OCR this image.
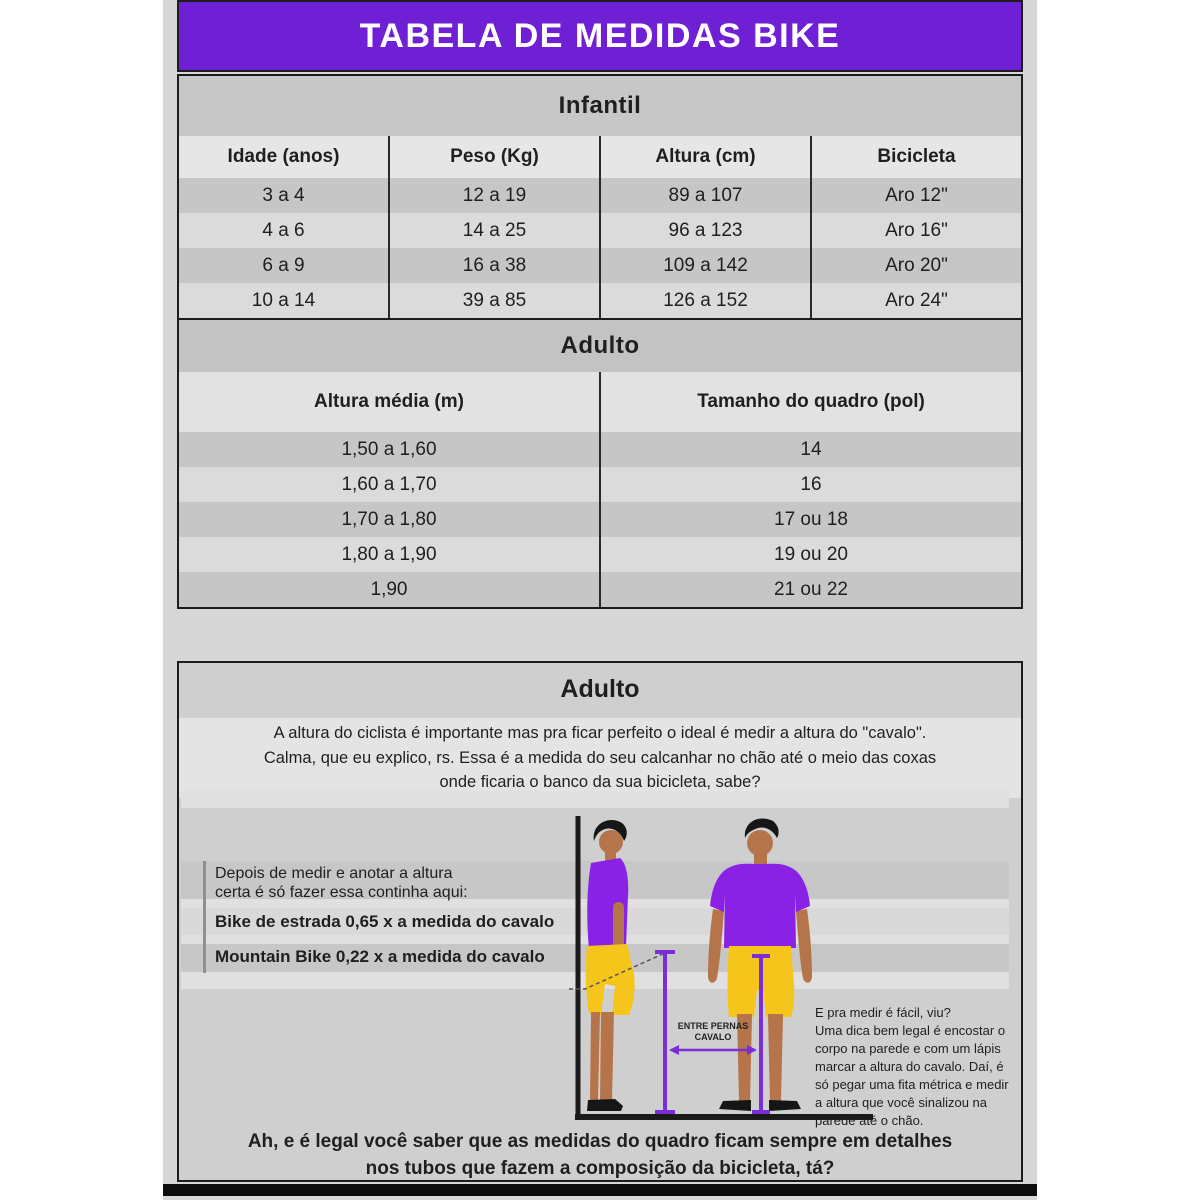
TABELA DE MEDIDAS BIKE
Infantil
Idade (anos)	Peso (Kg)	Altura (cm)	Bicicleta
3 a 4	12 a 19	89 a 107	Aro 12"
4 a 6	14 a 25	96 a 123	Aro 16"
6 a 9	16 a 38	109 a 142	Aro 20"
10 a 14	39 a 85	126 a 152	Aro 24"
Adulto
Altura média (m)	Tamanho do quadro (pol)
1,50 a 1,60	14
1,60 a 1,70	16
1,70 a 1,80	17 ou 18
1,80 a 1,90	19 ou 20
1,90	21 ou 22
Adulto
A altura do ciclista é importante mas pra ficar perfeito o ideal é medir a altura do "cavalo".
Calma, que eu explico, rs. Essa é a medida do seu calcanhar no chão até o meio das coxas
onde ficaria o banco da sua bicicleta, sabe?
Depois de medir e anotar a altura
certa é só fazer essa continha aqui:
Bike de estrada 0,65 x a medida do cavalo
Mountain Bike 0,22 x a medida do cavalo
ENTRE PERNAS
CAVALO
E pra medir é fácil, viu?
Uma dica bem legal é encostar o
corpo na parede e com um lápis
marcar a altura do cavalo. Daí, é
só pegar uma fita métrica e medir
a altura que você sinalizou na
parede até o chão.
Ah, e é legal você saber que as medidas do quadro ficam sempre em detalhes
nos tubos que fazem a composição da bicicleta, tá?
